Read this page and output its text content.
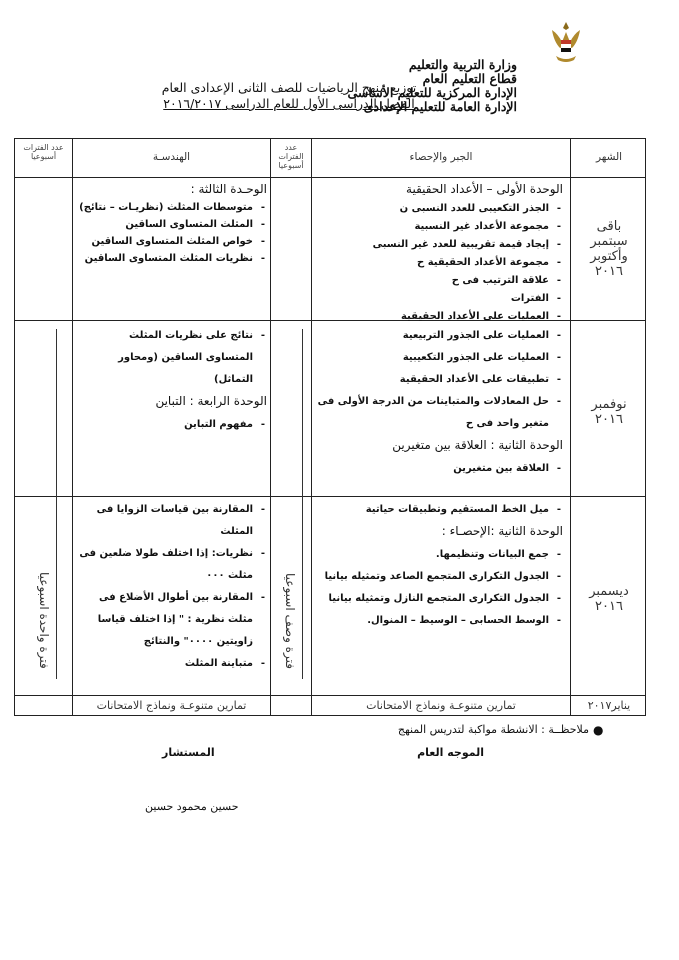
وزارة التربية والتعليم
قطاع التعليم العام
الإدارة المركزية للتعليم الأساسى
الإدارة العامة للتعليم الإعدادى
توزيع منهج الرياضيات للصف الثانى الإعدادى العام
الفصل الدراسى الأول للعام الدراسى ٢٠١٦/٢٠١٧
الشهر
الجبر والإحصاء
عدد الفترات أسبوعيا
الهندسـة
عدد الفترات أسبوعيا
فترة وصف اسبوعيا
فترة واحدة اسبوعيا
باقى
سبتمبر
وأكتوبر
٢٠١٦
الوحدة الأولى – الأعداد الحقيقية
- الجذر التكعيبى للعدد النسبى ن
- مجموعة الأعداد غير النسبية
- إيجاد قيمة تقريبية للعدد غير النسبى
- مجموعة الأعداد الحقيقية ح
- علاقة الترتيب فى ح
- الفترات
- العمليات على الأعداد الحقيقية
الوحـدة الثالثة :
- متوسطات المثلث (نظريـات – نتائج)
- المثلث المتساوى الساقين
- خواص المثلث المتساوى الساقين
- نظريات المثلث المتساوى الساقين
نوفمبر
٢٠١٦
- العمليات على الجذور التربيعية
- العمليات على الجذور التكعيبية
- تطبيقات على الأعداد الحقيقية
- حل المعادلات والمتباينات من الدرجة الأولى فى متغير واحد فى ح
الوحدة الثانية : العلاقة بين متغيرين
- العلاقة بين متغيرين
- نتائج على نظريات المثلث المتساوى الساقين (ومحاور التماثل)
الوحدة الرابعة : التباين
- مفهوم التباين
ديسمبر
٢٠١٦
- ميل الخط المستقيم وتطبيقات حياتية
الوحدة الثانية :الإحصـاء :
- جمع البيانات وتنظيمها.
- الجدول التكرارى المتجمع الصاعد وتمثيله بيانيا
- الجدول التكرارى المتجمع النازل وتمثيله بيانيا
- الوسط الحسابى – الوسيط – المنوال.
- المقارنة بين قياسات الزوايا فى المثلث
- نظريات: إذا اختلف طولا ضلعين فى مثلث ٠٠٠
- المقارنة بين أطوال الأضلاع فى مثلث نظرية : " إذا اختلف قياسا زاويتين ٠٠٠٠" والنتائج
- متباينة المثلث
يناير٢٠١٧
تمارين متنوعـة ونماذج الامتحانات
تمارين متنوعـة ونماذج الامتحانات
●
ملاحظــة : الانشطة مواكبة لتدريس المنهج
الموجه العام
المستشار
حسين محمود حسين
